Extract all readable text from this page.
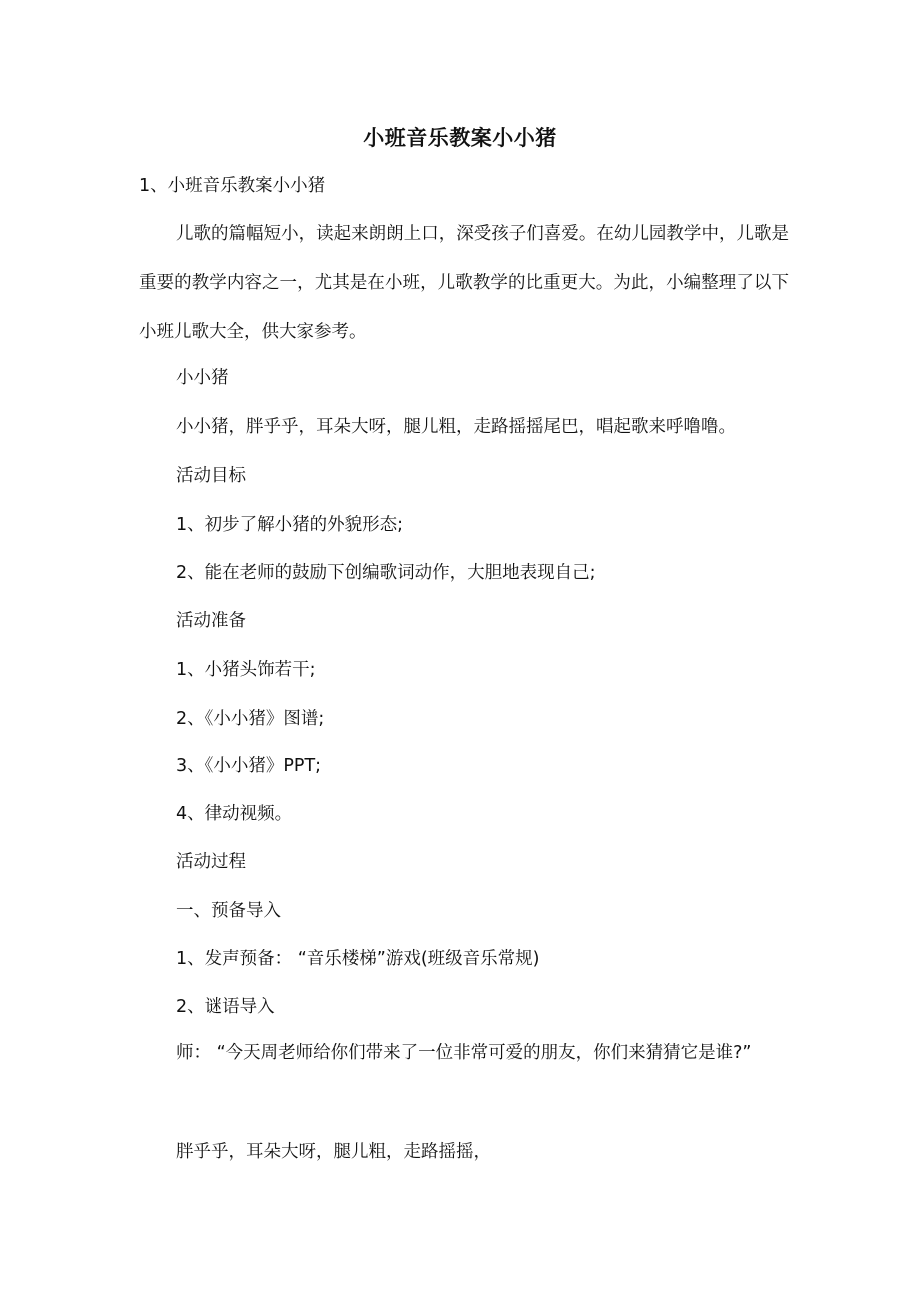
小班音乐教案小小猪
1、小班音乐教案小小猪
儿歌的篇幅短小，读起来朗朗上口，深受孩子们喜爱。在幼儿园教学中，儿歌是重要的教学内容之一，尤其是在小班，儿歌教学的比重更大。为此，小编整理了以下小班儿歌大全，供大家参考。
小小猪
小小猪，胖乎乎，耳朵大呀，腿儿粗，走路摇摇尾巴，唱起歌来呼噜噜。
活动目标
1、初步了解小猪的外貌形态;
2、能在老师的鼓励下创编歌词动作，大胆地表现自己;
活动准备
1、小猪头饰若干;
2、《小小猪》图谱;
3、《小小猪》PPT;
4、律动视频。
活动过程
一、预备导入
1、发声预备： “音乐楼梯”游戏(班级音乐常规)
2、谜语导入
师： “今天周老师给你们带来了一位非常可爱的朋友，你们来猜猜它是谁?”
胖乎乎，耳朵大呀，腿儿粗，走路摇摇，
